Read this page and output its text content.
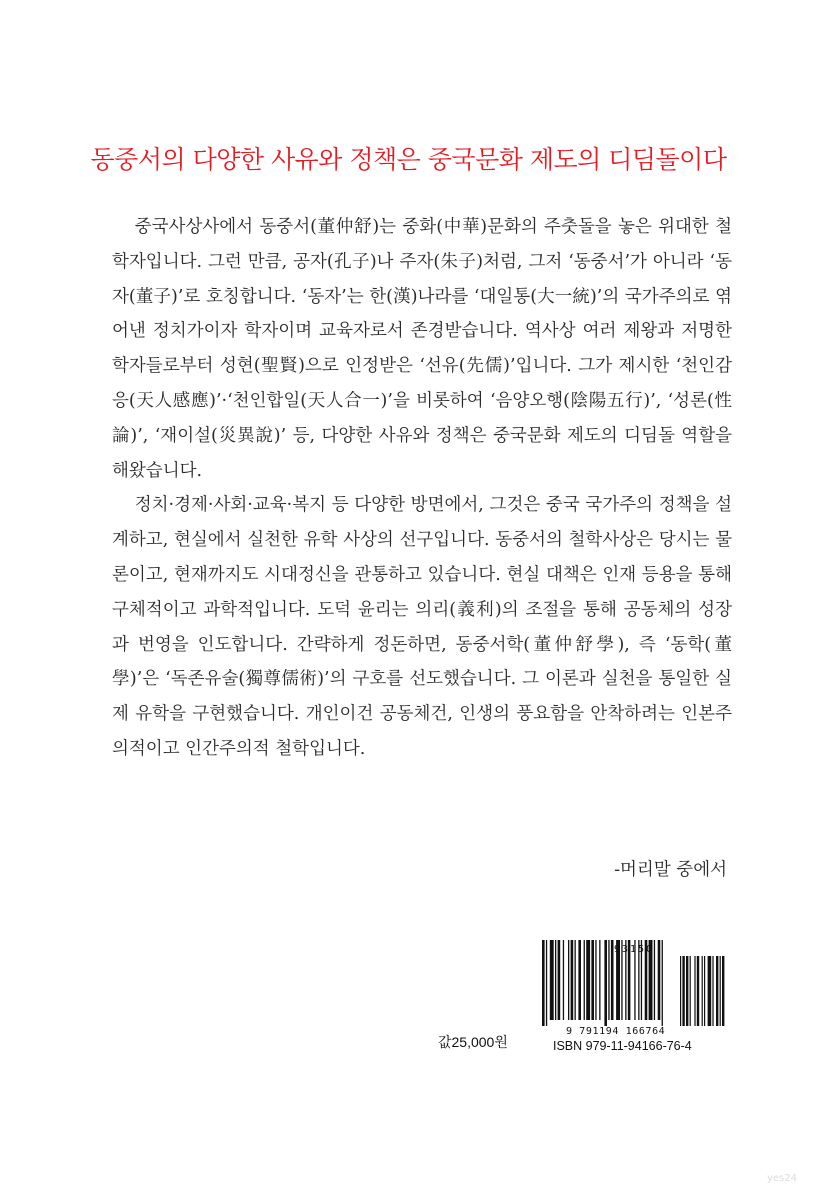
동중서의 다양한 사유와 정책은 중국문화 제도의 디딤돌이다

중국사상사에서 동중서(董仲舒)는 중화(中華)문화의 주춧돌을 놓은 위대한 철학자입니다. 그런 만큼, 공자(孔子)나 주자(朱子)처럼, 그저 ‘동중서’가 아니라 ‘동자(董子)’로 호칭합니다. ‘동자’는 한(漢)나라를 ‘대일통(大一統)’의 국가주의로 엮어낸 정치가이자 학자이며 교육자로서 존경받습니다. 역사상 여러 제왕과 저명한 학자들로부터 성현(聖賢)으로 인정받은 ‘선유(先儒)’입니다. 그가 제시한 ‘천인감응(天人感應)’·‘천인합일(天人合一)’을 비롯하여 ‘음양오행(陰陽五行)’, ‘성론(性論)’, ‘재이설(災異說)’ 등, 다양한 사유와 정책은 중국문화 제도의 디딤돌 역할을 해왔습니다.

정치·경제·사회·교육·복지 등 다양한 방면에서, 그것은 중국 국가주의 정책을 설계하고, 현실에서 실천한 유학 사상의 선구입니다. 동중서의 철학사상은 당시는 물론이고, 현재까지도 시대정신을 관통하고 있습니다. 현실 대책은 인재 등용을 통해 구체적이고 과학적입니다. 도덕 윤리는 의리(義利)의 조절을 통해 공동체의 성장과 번영을 인도합니다. 간략하게 정돈하면, 동중서학(董仲舒學), 즉 ‘동학(董學)’은 ‘독존유술(獨尊儒術)’의 구호를 선도했습니다. 그 이론과 실천을 통일한 실제 유학을 구현했습니다. 개인이건 공동체건, 인생의 풍요함을 안착하려는 인본주의적이고 인간주의적 철학입니다.

-머리말 중에서
93150
9 791194 166764
ISBN 979-11-94166-76-4
값25,000원
yes24
